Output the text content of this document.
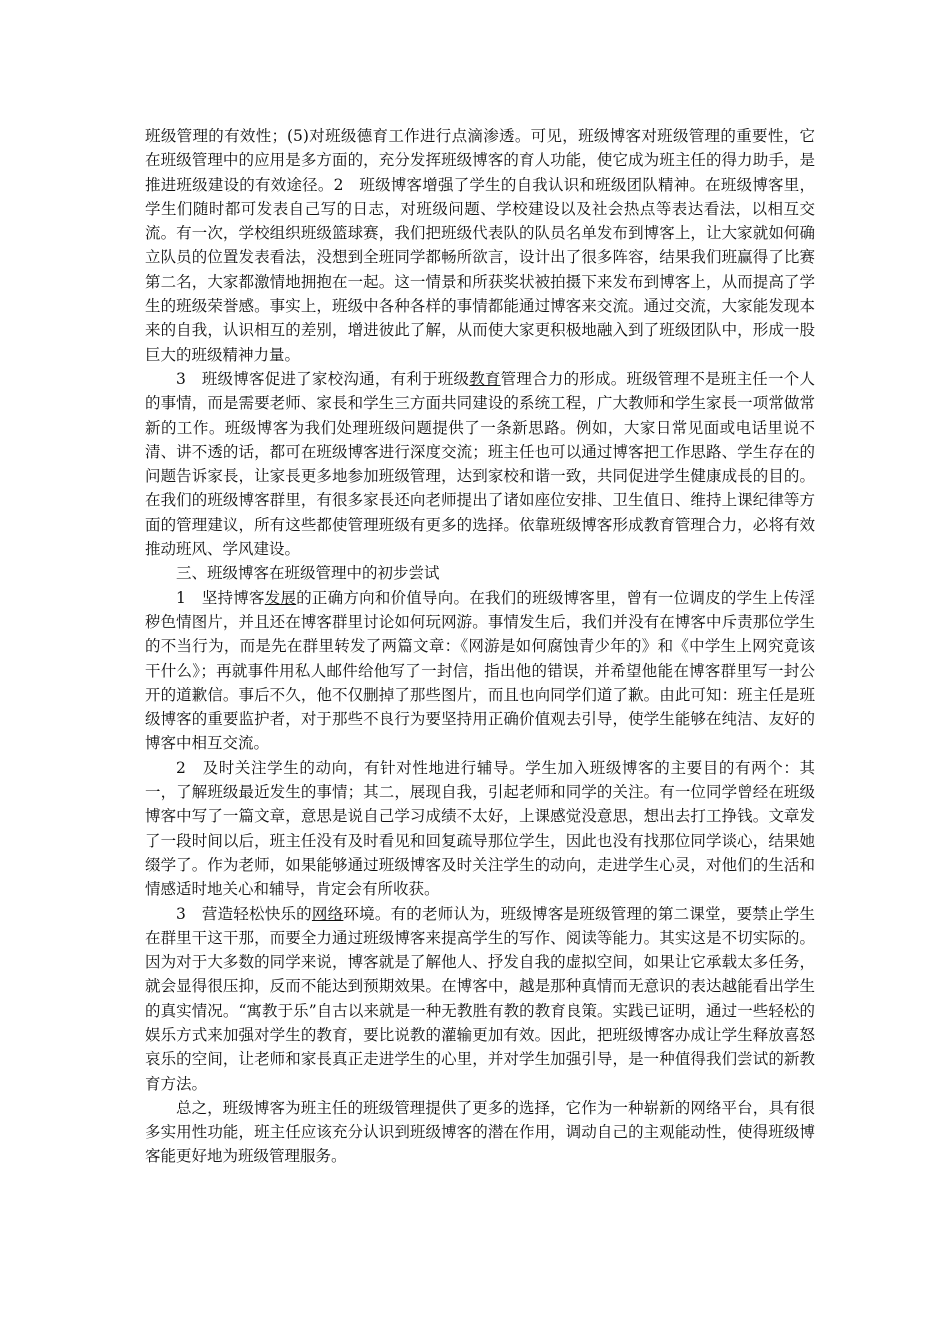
班级管理的有效性；(5)对班级德育工作进行点滴渗透。可见，班级博客对班级管理的重要性，它在班级管理中的应用是多方面的，充分发挥班级博客的育人功能，使它成为班主任的得力助手，是推进班级建设的有效途径。2　班级博客增强了学生的自我认识和班级团队精神。在班级博客里，学生们随时都可发表自己写的日志，对班级问题、学校建设以及社会热点等表达看法，以相互交流。有一次，学校组织班级篮球赛，我们把班级代表队的队员名单发布到博客上，让大家就如何确立队员的位置发表看法，没想到全班同学都畅所欲言，设计出了很多阵容，结果我们班赢得了比赛第二名，大家都激情地拥抱在一起。这一情景和所获奖状被拍摄下来发布到博客上，从而提高了学生的班级荣誉感。事实上，班级中各种各样的事情都能通过博客来交流。通过交流，大家能发现本来的自我，认识相互的差别，增进彼此了解，从而使大家更积极地融入到了班级团队中，形成一股巨大的班级精神力量。

3　班级博客促进了家校沟通，有利于班级教育管理合力的形成。班级管理不是班主任一个人的事情，而是需要老师、家長和学生三方面共同建设的系统工程，广大教师和学生家長一项常做常新的工作。班级博客为我们处理班级问题提供了一条新思路。例如，大家日常见面或电话里说不清、讲不透的话，都可在班级博客进行深度交流；班主任也可以通过博客把工作思路、学生存在的问题告诉家長，让家長更多地参加班级管理，达到家校和谐一致，共同促进学生健康成長的目的。在我们的班级博客群里，有很多家長还向老师提出了诸如座位安排、卫生值日、维持上课纪律等方面的管理建议，所有这些都使管理班级有更多的选择。依靠班级博客形成教育管理合力，必将有效推动班风、学风建设。

三、班级博客在班级管理中的初步尝试

1　坚持博客发展的正确方向和价值导向。在我们的班级博客里，曾有一位调皮的学生上传淫秽色情图片，并且还在博客群里讨论如何玩网游。事情发生后，我们并没有在博客中斥责那位学生的不当行为，而是先在群里转发了两篇文章：《网游是如何腐蚀青少年的》和《中学生上网究竟该干什么》；再就事件用私人邮件给他写了一封信，指出他的错误，并希望他能在博客群里写一封公开的道歉信。事后不久，他不仅删掉了那些图片，而且也向同学们道了歉。由此可知：班主任是班级博客的重要监护者，对于那些不良行为要坚持用正确价值观去引导，使学生能够在纯洁、友好的博客中相互交流。

2　及时关注学生的动向，有针对性地进行辅导。学生加入班级博客的主要目的有两个：其一，了解班级最近发生的事情；其二，展现自我，引起老师和同学的关注。有一位同学曾经在班级博客中写了一篇文章，意思是说自己学习成绩不太好，上课感觉没意思，想出去打工挣钱。文章发了一段时间以后，班主任没有及时看见和回复疏导那位学生，因此也没有找那位同学谈心，结果她缀学了。作为老师，如果能够通过班级博客及时关注学生的动向，走进学生心灵，对他们的生活和情感适时地关心和辅导，肯定会有所收获。

3　营造轻松快乐的网络环境。有的老师认为，班级博客是班级管理的第二课堂，要禁止学生在群里干这干那，而要全力通过班级博客来提高学生的写作、阅读等能力。其实这是不切实际的。因为对于大多数的同学来说，博客就是了解他人、抒发自我的虚拟空间，如果让它承载太多任务，就会显得很压抑，反而不能达到预期效果。在博客中，越是那种真情而无意识的表达越能看出学生的真实情况。“寓教于乐”自古以来就是一种无教胜有教的教育良策。实践已证明，通过一些轻松的娱乐方式来加强对学生的教育，要比说教的灌输更加有效。因此，把班级博客办成让学生释放喜怒哀乐的空间，让老师和家長真正走进学生的心里，并对学生加强引导，是一种值得我们尝试的新教育方法。

总之，班级博客为班主任的班级管理提供了更多的选择，它作为一种崭新的网络平台，具有很多实用性功能，班主任应该充分认识到班级博客的潜在作用，调动自己的主观能动性，使得班级博客能更好地为班级管理服务。
